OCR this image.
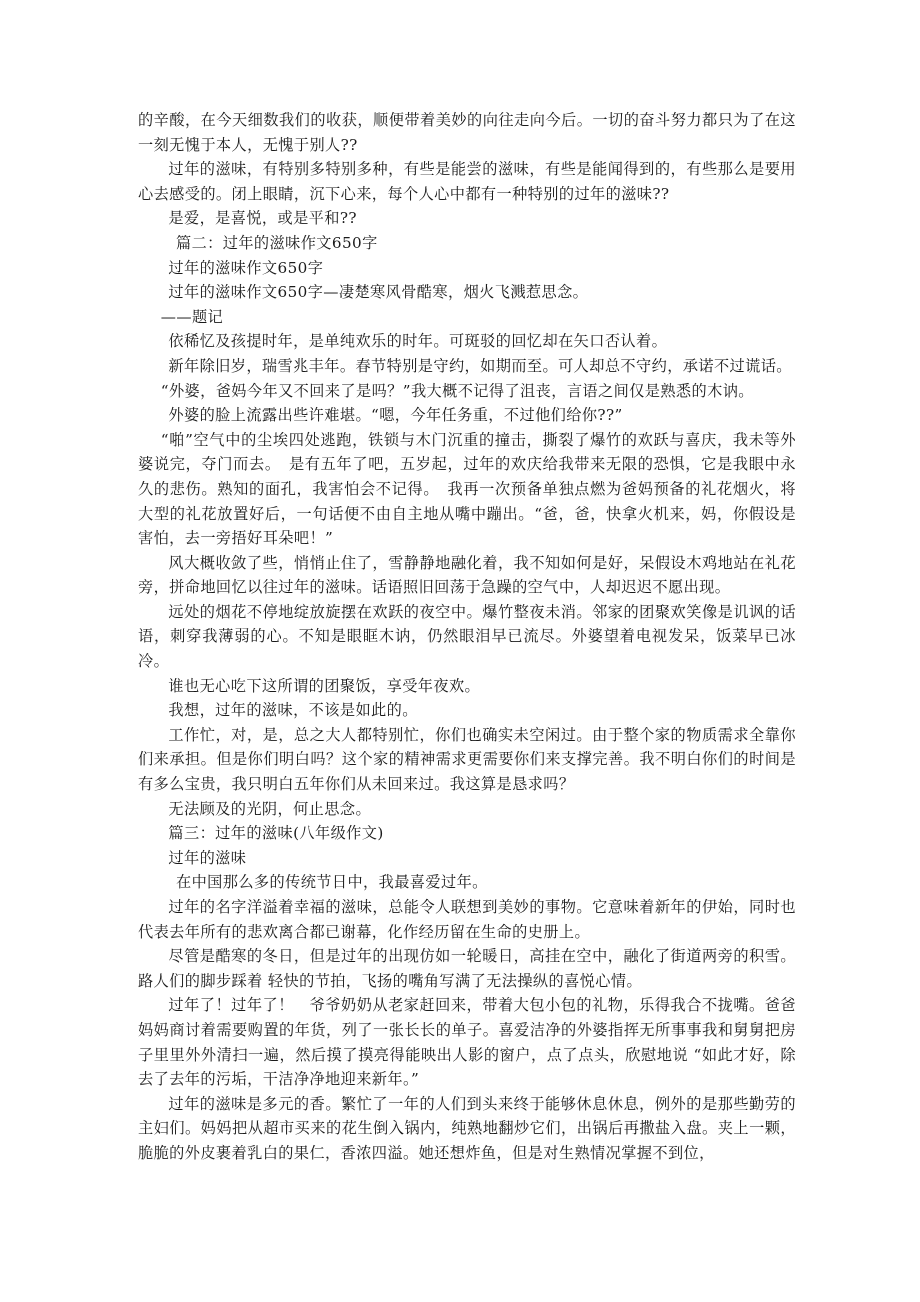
的辛酸，在今天细数我们的收获，顺便带着美妙的向往走向今后。一切的奋斗努力都只为了在这一刻无愧于本人，无愧于别人??

过年的滋味，有特别多特别多种，有些是能尝的滋味，有些是能闻得到的，有些那么是要用心去感受的。闭上眼睛，沉下心来，每个人心中都有一种特别的过年的滋味??

是爱，是喜悦，或是平和??

篇二：过年的滋味作文650字

过年的滋味作文650字

过年的滋味作文650字—凄楚寒风骨酷寒，烟火飞溅惹思念。

——题记

依稀忆及孩提时年，是单纯欢乐的时年。可斑驳的回忆却在矢口否认着。

新年除旧岁，瑞雪兆丰年。春节特别是守约，如期而至。可人却总不守约，承诺不过谎话。

“外婆，爸妈今年又不回来了是吗？”我大概不记得了沮丧，言语之间仅是熟悉的木讷。

外婆的脸上流露出些许难堪。“嗯，今年任务重，不过他们给你??”

“啪”空气中的尘埃四处逃跑，铁锁与木门沉重的撞击，撕裂了爆竹的欢跃与喜庆，我未等外婆说完，夺门而去。　是有五年了吧，五岁起，过年的欢庆给我带来无限的恐惧，它是我眼中永久的悲伤。熟知的面孔，我害怕会不记得。　我再一次预备单独点燃为爸妈预备的礼花烟火，将大型的礼花放置好后，一句话便不由自主地从嘴中蹦出。“爸，爸，快拿火机来，妈，你假设是害怕，去一旁捂好耳朵吧！”

风大概收敛了些，悄悄止住了，雪静静地融化着，我不知如何是好，呆假设木鸡地站在礼花旁，拼命地回忆以往过年的滋味。话语照旧回荡于急躁的空气中，人却迟迟不愿出现。

远处的烟花不停地绽放旋摆在欢跃的夜空中。爆竹整夜未消。邻家的团聚欢笑像是讥讽的话语，刺穿我薄弱的心。不知是眼眶木讷，仍然眼泪早已流尽。外婆望着电视发呆，饭菜早已冰冷。

谁也无心吃下这所谓的团聚饭，享受年夜欢。

我想，过年的滋味，不该是如此的。

工作忙，对，是，总之大人都特别忙，你们也确实未空闲过。由于整个家的物质需求全靠你们来承担。但是你们明白吗？这个家的精神需求更需要你们来支撑完善。我不明白你们的时间是有多么宝贵，我只明白五年你们从未回来过。我这算是恳求吗？

无法顾及的光阴，何止思念。

篇三：过年的滋味(八年级作文)

过年的滋味

在中国那么多的传统节日中，我最喜爱过年。

过年的名字洋溢着幸福的滋味，总能令人联想到美妙的事物。它意味着新年的伊始，同时也代表去年所有的悲欢离合都已谢幕，化作经历留在生命的史册上。

尽管是酷寒的冬日，但是过年的出现仿如一轮暖日，高挂在空中，融化了街道两旁的积雪。路人们的脚步踩着 轻快的节拍，飞扬的嘴角写满了无法操纵的喜悦心情。

过年了！过年了！　爷爷奶奶从老家赶回来，带着大包小包的礼物，乐得我合不拢嘴。爸爸妈妈商讨着需要购置的年货，列了一张长长的单子。喜爱洁净的外婆指挥无所事事我和舅舅把房子里里外外清扫一遍，然后摸了摸亮得能映出人影的窗户，点了点头，欣慰地说 “如此才好，除去了去年的污垢，干洁净净地迎来新年。”

过年的滋味是多元的香。繁忙了一年的人们到头来终于能够休息休息，例外的是那些勤劳的主妇们。妈妈把从超市买来的花生倒入锅内，纯熟地翻炒它们，出锅后再撒盐入盘。夹上一颗，脆脆的外皮裹着乳白的果仁，香浓四溢。她还想炸鱼，但是对生熟情况掌握不到位，
